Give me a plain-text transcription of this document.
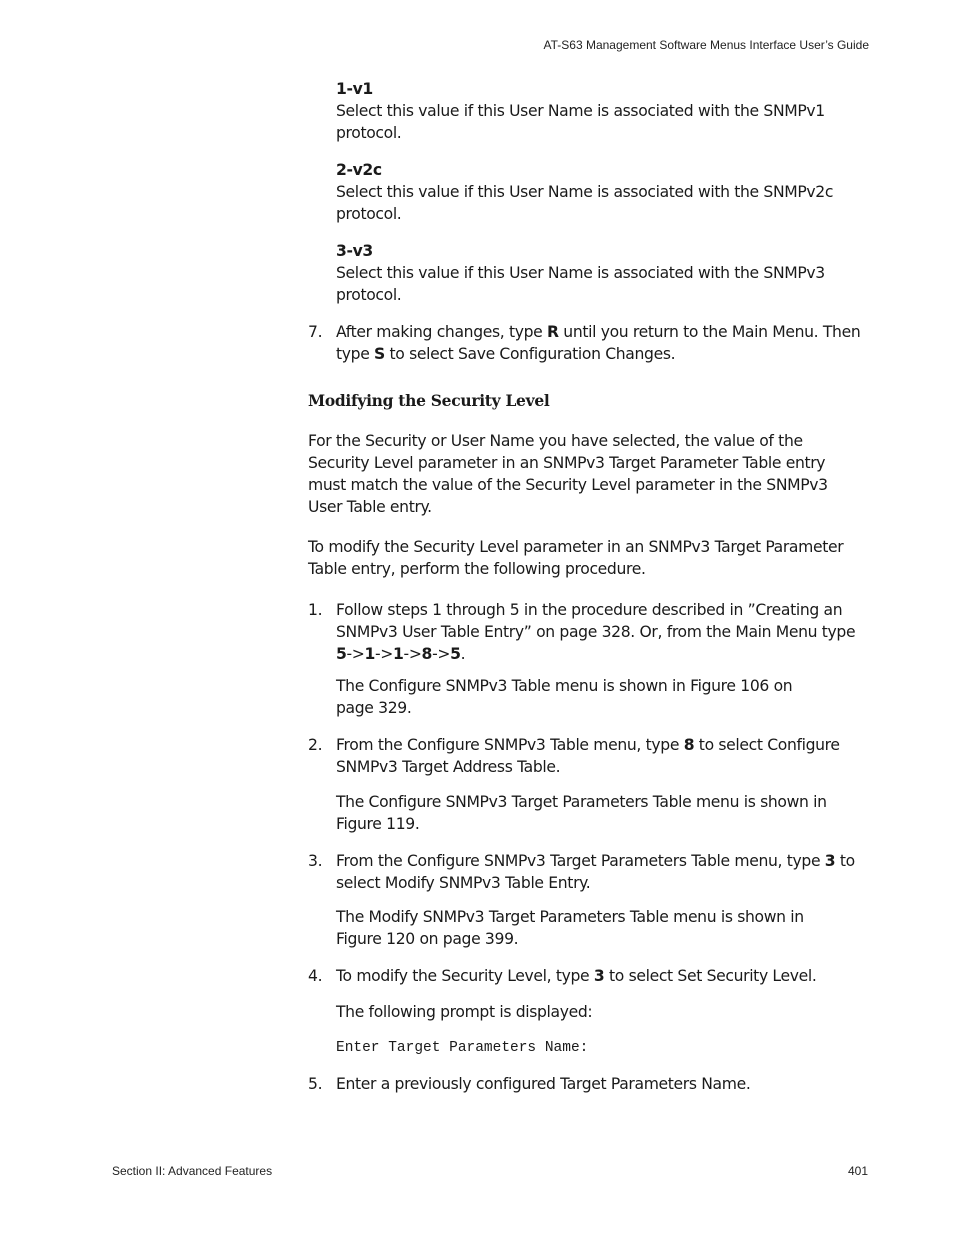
AT-S63 Management Software Menus Interface User’s Guide
1-v1
Select this value if this User Name is associated with the SNMPv1 protocol.
2-v2c
Select this value if this User Name is associated with the SNMPv2c protocol.
3-v3
Select this value if this User Name is associated with the SNMPv3 protocol.
7. After making changes, type R until you return to the Main Menu. Then type S to select Save Configuration Changes.
Modifying the Security Level
For the Security or User Name you have selected, the value of the Security Level parameter in an SNMPv3 Target Parameter Table entry must match the value of the Security Level parameter in the SNMPv3 User Table entry.
To modify the Security Level parameter in an SNMPv3 Target Parameter Table entry, perform the following procedure.
1. Follow steps 1 through 5 in the procedure described in ”Creating an SNMPv3 User Table Entry” on page 328. Or, from the Main Menu type 5->1->1->8->5.
The Configure SNMPv3 Table menu is shown in Figure 106 on page 329.
2. From the Configure SNMPv3 Table menu, type 8 to select Configure SNMPv3 Target Address Table.
The Configure SNMPv3 Target Parameters Table menu is shown in Figure 119.
3. From the Configure SNMPv3 Target Parameters Table menu, type 3 to select Modify SNMPv3 Table Entry.
The Modify SNMPv3 Target Parameters Table menu is shown in Figure 120 on page 399.
4. To modify the Security Level, type 3 to select Set Security Level.
The following prompt is displayed:
Enter Target Parameters Name:
5. Enter a previously configured Target Parameters Name.
Section II: Advanced Features	401
